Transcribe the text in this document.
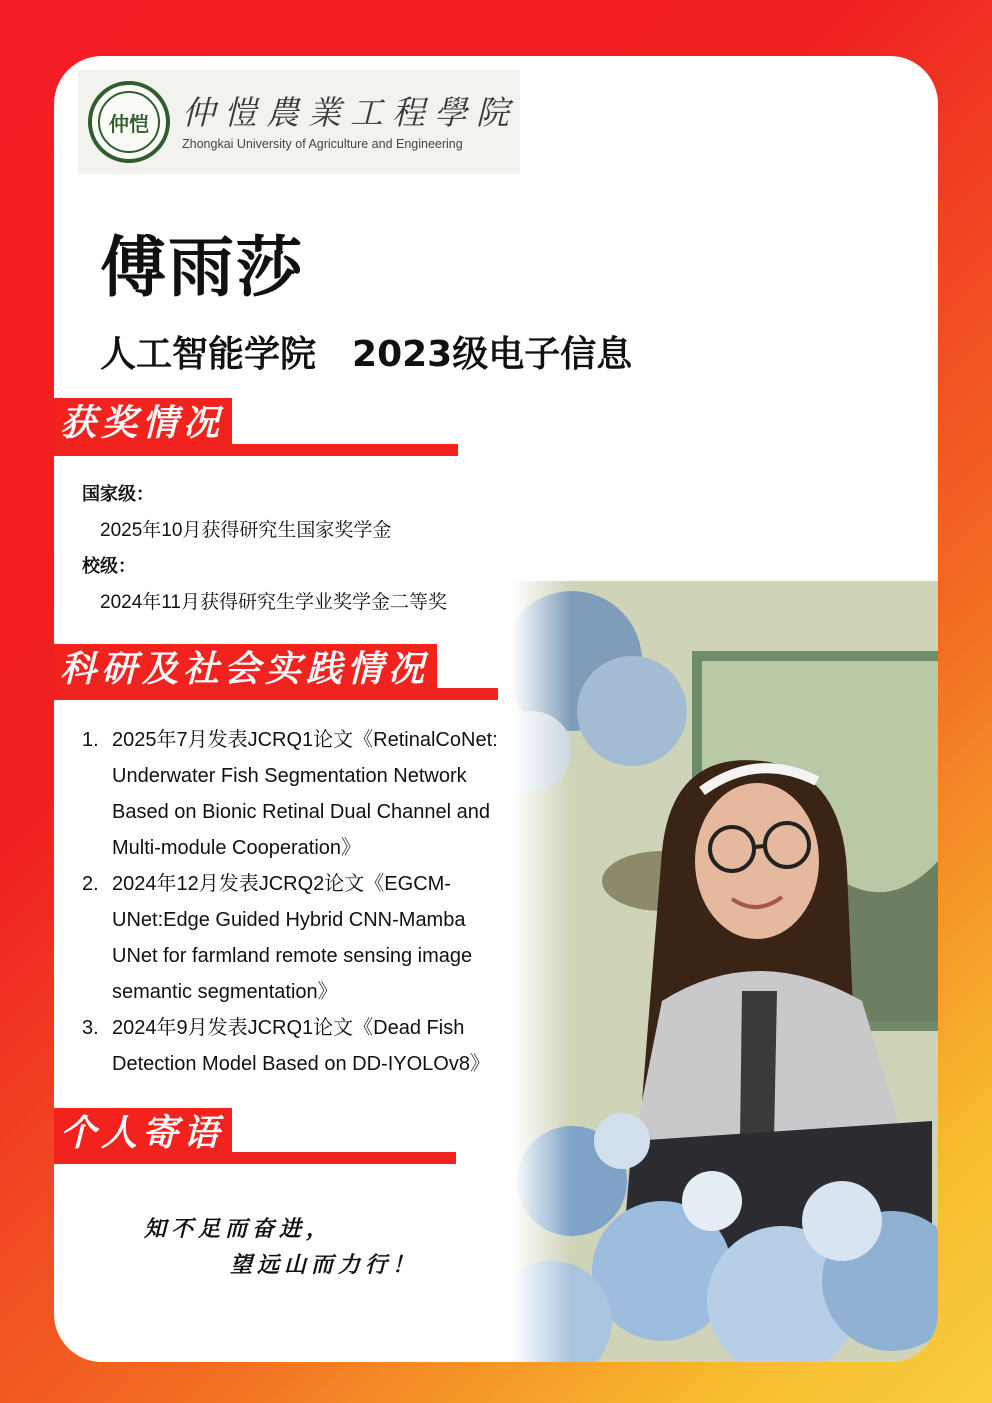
仲恺 仲愷農業工程學院
Zhongkai University of Agriculture and Engineering
傅雨莎
人工智能学院 2023级电子信息
获奖情况
国家级：
2025年10月获得研究生国家奖学金
校级：
2024年11月获得研究生学业奖学金二等奖
科研及社会实践情况
1. 2025年7月发表JCRQ1论文《RetinalCoNet: Underwater Fish Segmentation Network Based on Bionic Retinal Dual Channel and Multi-module Cooperation》
2. 2024年12月发表JCRQ2论文《EGCM-UNet:Edge Guided Hybrid CNN-Mamba UNet for farmland remote sensing image semantic segmentation》
3. 2024年9月发表JCRQ1论文《Dead Fish Detection Model Based on DD-IYOLOv8》
个人寄语
知不足而奋进，
望远山而力行！
